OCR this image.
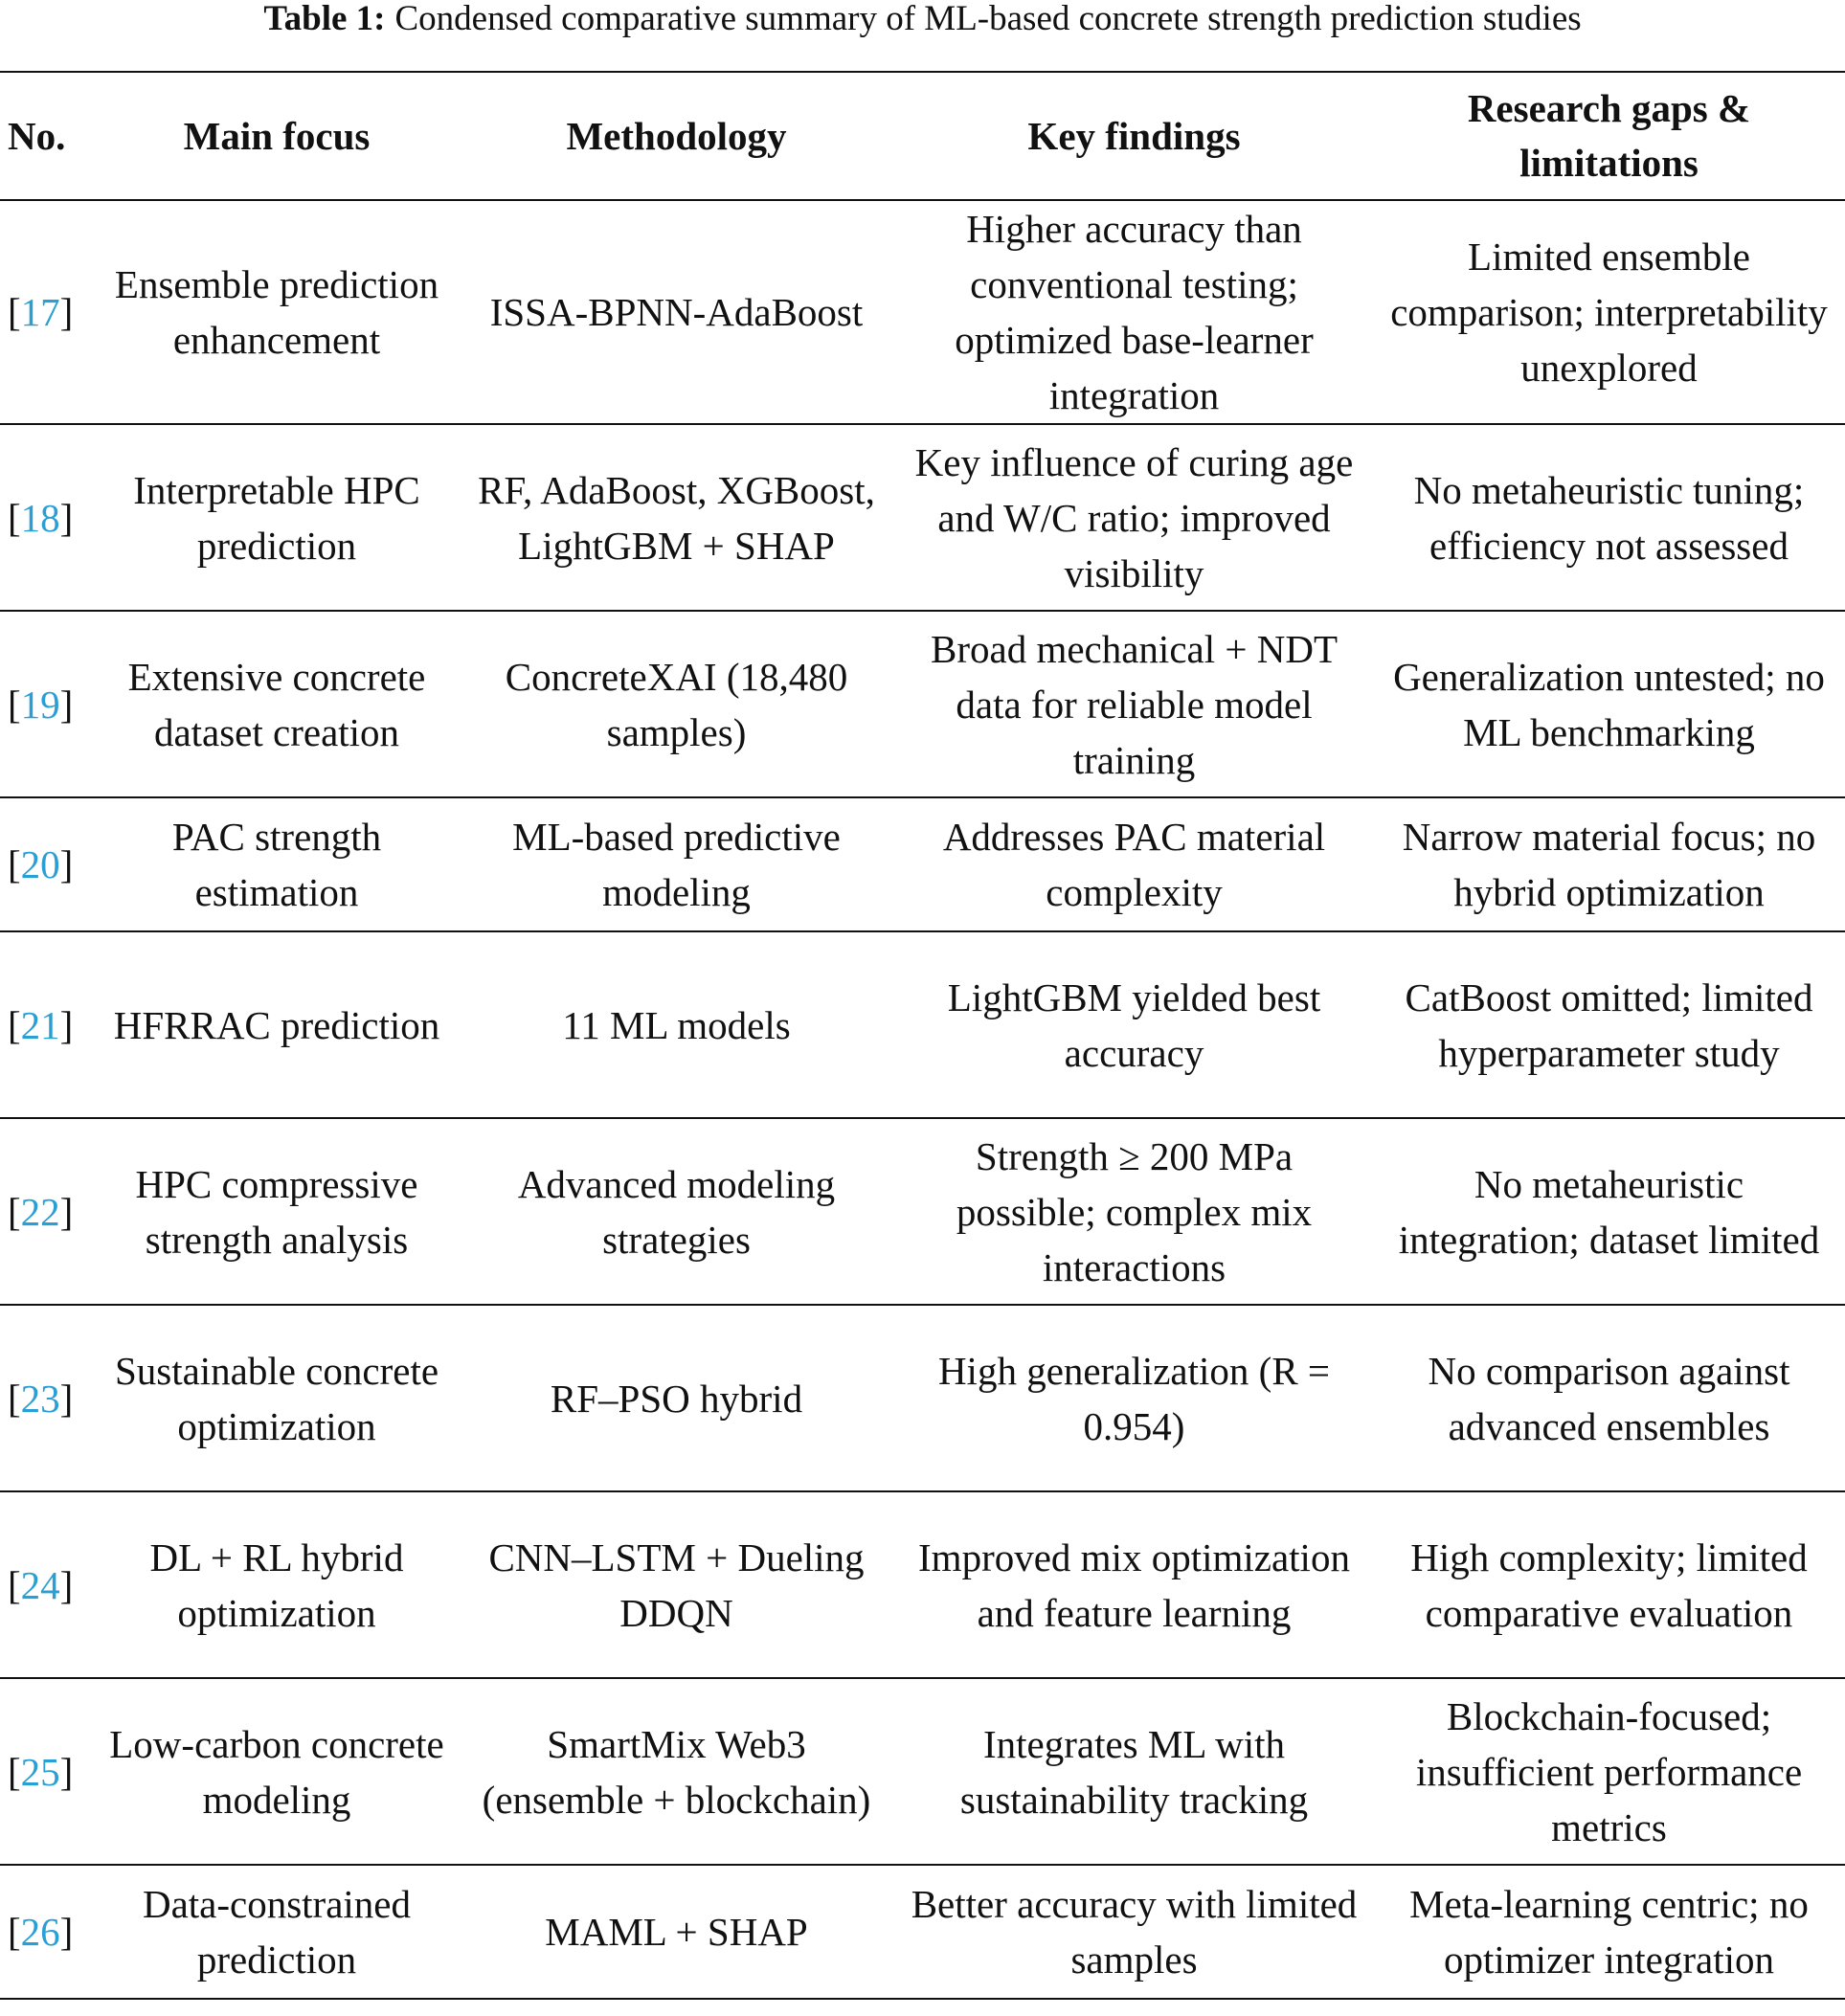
Table 1: Condensed comparative summary of ML-based concrete strength prediction studies
No.	Main focus	Methodology	Key findings	Research gaps & limitations
[17]	Ensemble prediction enhancement	ISSA-BPNN-AdaBoost	Higher accuracy than conventional testing; optimized base-learner integration	Limited ensemble comparison; interpretability unexplored
[18]	Interpretable HPC prediction	RF, AdaBoost, XGBoost, LightGBM + SHAP	Key influence of curing age and W/C ratio; improved visibility	No metaheuristic tuning; efficiency not assessed
[19]	Extensive concrete dataset creation	ConcreteXAI (18,480 samples)	Broad mechanical + NDT data for reliable model training	Generalization untested; no ML benchmarking
[20]	PAC strength estimation	ML-based predictive modeling	Addresses PAC material complexity	Narrow material focus; no hybrid optimization
[21]	HFRRAC prediction	11 ML models	LightGBM yielded best accuracy	CatBoost omitted; limited hyperparameter study
[22]	HPC compressive strength analysis	Advanced modeling strategies	Strength ≥ 200 MPa possible; complex mix interactions	No metaheuristic integration; dataset limited
[23]	Sustainable concrete optimization	RF–PSO hybrid	High generalization (R = 0.954)	No comparison against advanced ensembles
[24]	DL + RL hybrid optimization	CNN–LSTM + Dueling DDQN	Improved mix optimization and feature learning	High complexity; limited comparative evaluation
[25]	Low-carbon concrete modeling	SmartMix Web3 (ensemble + blockchain)	Integrates ML with sustainability tracking	Blockchain-focused; insufficient performance metrics
[26]	Data-constrained prediction	MAML + SHAP	Better accuracy with limited samples	Meta-learning centric; no optimizer integration
